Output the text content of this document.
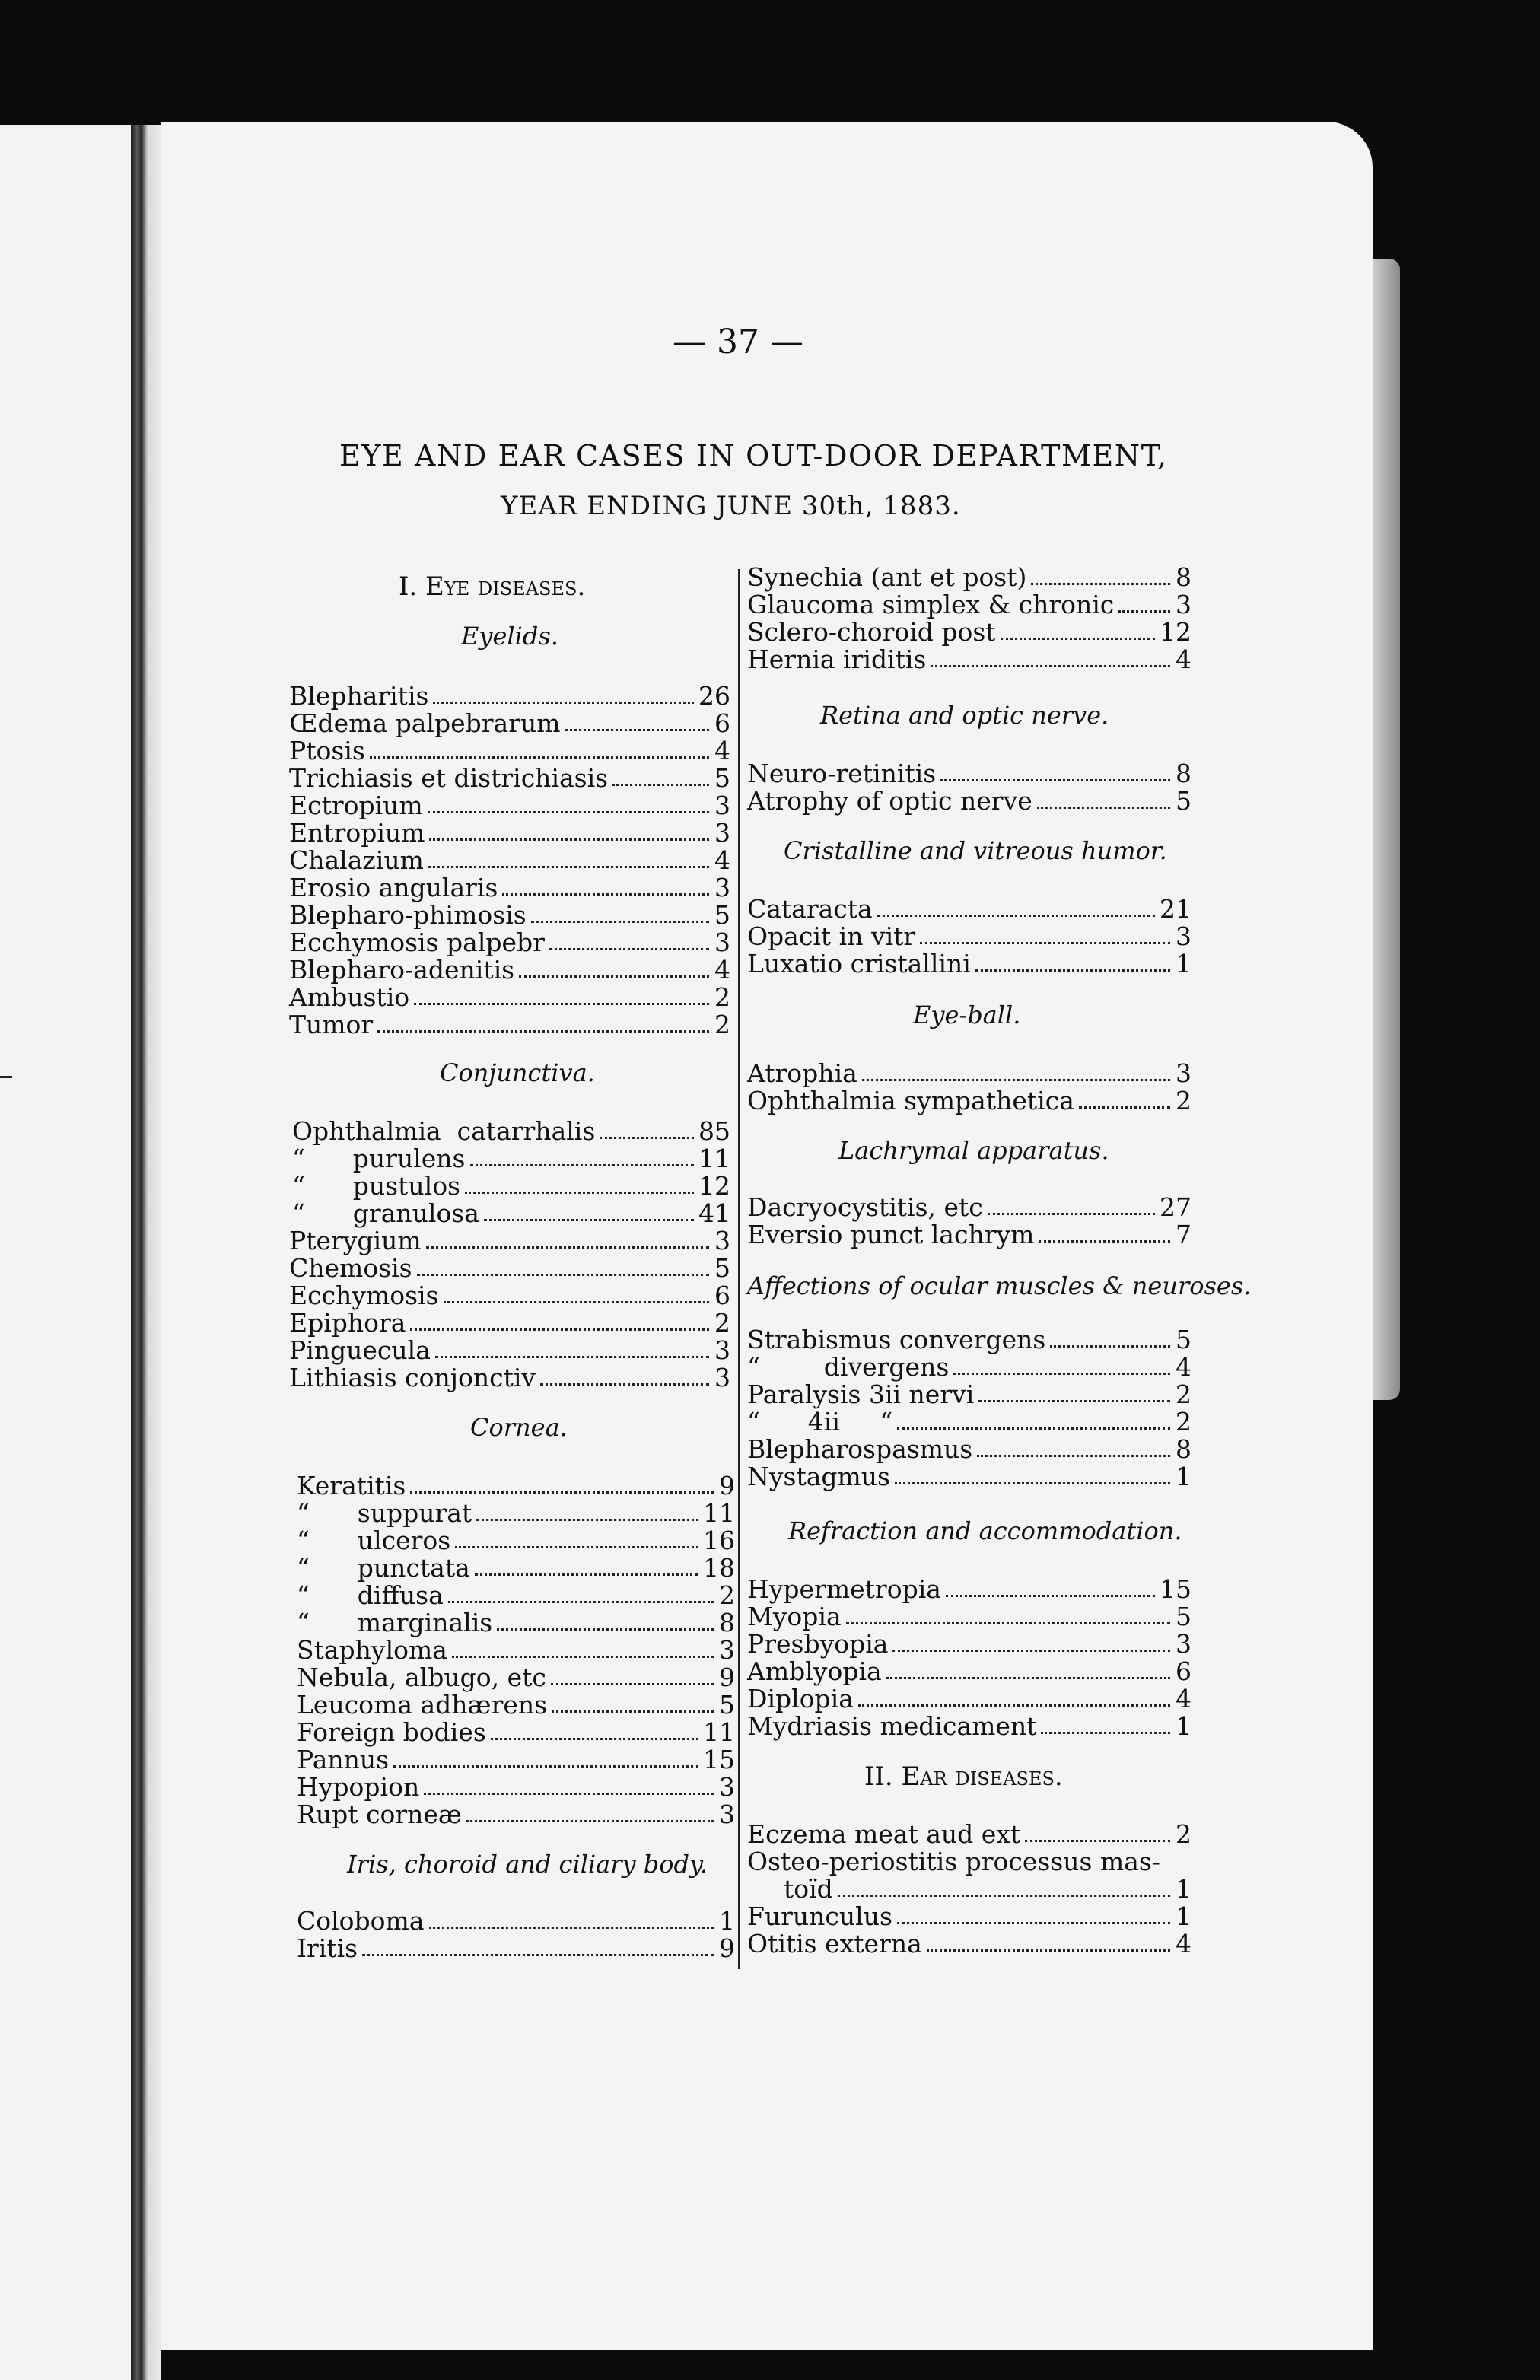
— 37 —
EYE AND EAR CASES IN OUT-DOOR DEPARTMENT,
YEAR ENDING JUNE 30th, 1883.
I. Eye diseases.
Eyelids.
Conjunctiva.
Cornea.
Iris, choroid and ciliary body.
Retina and optic nerve.
Cristalline and vitreous humor.
Eye-ball.
Lachrymal apparatus.
Affections of ocular muscles & neuroses.
Refraction and accommodation.
II. Ear diseases.
Blepharitis	26
Œdema palpebrarum	6
Ptosis	4
Trichiasis et districhiasis	5
Ectropium	3
Entropium	3
Chalazium	4
Erosio angularis	3
Blepharo-phimosis	5
Ecchymosis palpebr	3
Blepharo-adenitis	4
Ambustio	2
Tumor	2
Ophthalmia  catarrhalis	85
“      purulens	11
“      pustulos	12
“      granulosa	41
Pterygium	3
Chemosis	5
Ecchymosis	6
Epiphora	2
Pinguecula	3
Lithiasis conjonctiv	3
Keratitis	9
“      suppurat	11
“      ulceros	16
“      punctata	18
“      diffusa	2
“      marginalis	8
Staphyloma	3
Nebula, albugo, etc	9
Leucoma adhærens	5
Foreign bodies	11
Pannus	15
Hypopion	3
Rupt corneæ	3
Coloboma	1
Iritis	9
Synechia (ant et post)	8
Glaucoma simplex & chronic 3
Sclero-choroid post	12
Hernia iriditis	4
Neuro-retinitis	8
Atrophy of optic nerve	5
Cataracta	21
Opacit in vitr	3
Luxatio cristallini	1
Atrophia	3
Ophthalmia sympathetica	2
Dacryocystitis, etc	27
Eversio punct lachrym	7
Strabismus convergens	5
“        divergens	4
Paralysis 3ii nervi	2
“      4ii     “	2
Blepharospasmus	8
Nystagmus	1
Hypermetropia	15
Myopia	5
Presbyopia	3
Amblyopia	6
Diplopia	4
Mydriasis medicament	1
Eczema meat aud ext	2
Osteo-periostitis processus mas-
toïd	1
Furunculus	1
Otitis externa	4
